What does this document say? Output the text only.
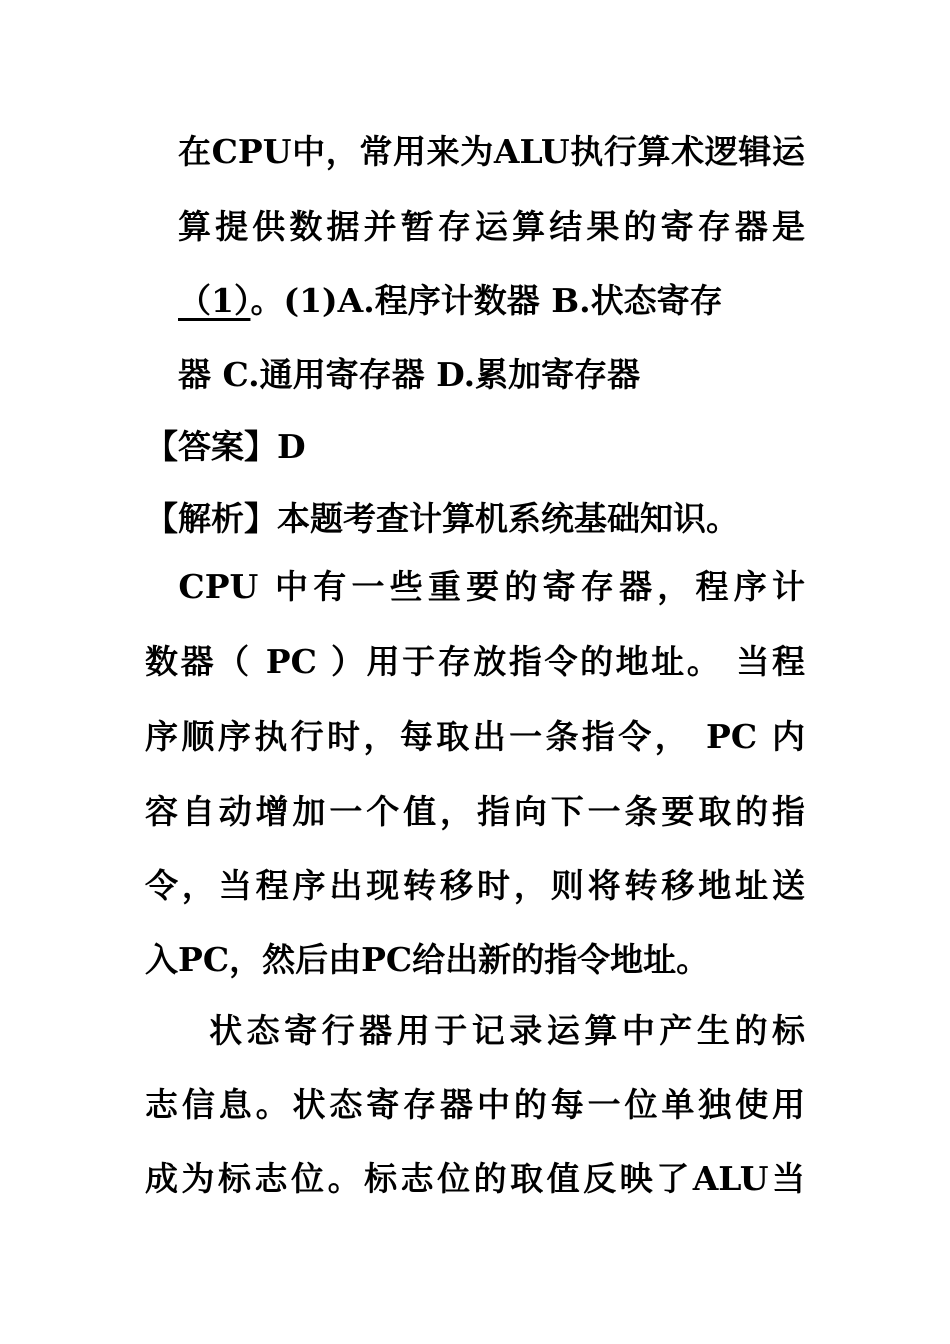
在CPU中，常用来为ALU执行算术逻辑运
算提供数据并暂存运算结果的寄存器是
（1）。(1)A.程序计数器 B.状态寄存
器 C.通用寄存器 D.累加寄存器
【答案】D
【解析】本题考查计算机系统基础知识。
CPU 中有一些重要的寄存器，程序计
数器（ PC ）用于存放指令的地址。 当程
序顺序执行时，每取出一条指令， PC 内
容自动增加一个值，指向下一条要取的指
令，当程序出现转移时，则将转移地址送
入PC，然后由PC给出新的指令地址。
状态寄行器用于记录运算中产生的标
志信息。状态寄存器中的每一位单独使用
成为标志位。标志位的取值反映了ALU当
